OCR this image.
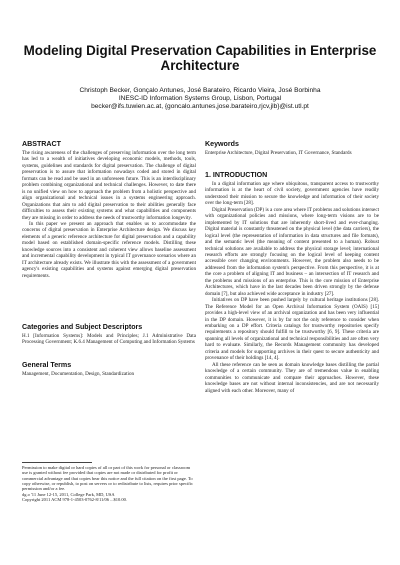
Modeling Digital Preservation Capabilities in Enterprise Architecture
Christoph Becker, Gonçalo Antunes, José Barateiro, Ricardo Vieira, José Borbinha
INESC-ID Information Systems Group, Lisbon, Portugal
becker@ifs.tuwien.ac.at, {goncalo.antunes,jose.barateiro,rjcv,jlb}@ist.utl.pt
ABSTRACT

The rising awareness of the challenges of preserving information over the long term has led to a wealth of initiatives developing economic models, methods, tools, systems, guidelines and standards for digital preservation. The challenge of digital preservation is to assure that information nowadays coded and stored in digital formats can be read and be used in an unforeseen future. This is an interdisciplinary problem combining organizational and technical challenges. However, to date there is no unified view on how to approach the problem from a holistic perspective and align organizational and technical issues in a systems engineering approach. Organizations that aim to add digital preservation to their abilities generally face difficulties to assess their existing systems and what capabilities and components they are missing in order to address the needs of trustworthy information longevity.

In this paper we present an approach that enables us to accommodate the concerns of digital preservation in Enterprise Architecture design. We discuss key elements of a generic reference architecture for digital preservation and a capability model based on established domain-specific reference models. Distilling these knowledge sources into a consistent and coherent view allows baseline assessment and incremental capability development in typical IT governance scenarios where an IT architecture already exists. We illustrate this with the assessment of a government agency's existing capabilities and systems against emerging digital preservation requirements.

Categories and Subject Descriptors

H.1 [Information Systems]: Models and Principles; J.1 Administrative Data Processing Government; K.6.4 Management of Computing and Information Systems

General Terms

Management, Documentation, Design, Standardization

Permission to make digital or hard copies of all or part of this work for personal or classroom use is granted without fee provided that copies are not made or distributed for profit or commercial advantage and that copies bear this notice and the full citation on the first page. To copy otherwise, or republish, to post on servers or to redistribute to lists, requires prior specific permission and/or a fee.

dg.o '11 June 12-15, 2011, College Park, MD, USA

Copyright 2011 ACM 978-1-4503-0762-8/11/06 ...$10.00.

Keywords

Enterprise Architecture, Digital Preservation, IT Governance, Standards

1. INTRODUCTION

In a digital information age where ubiquitous, transparent access to trustworthy information is at the heart of civil society, government agencies have readily understood their mission to secure the knowledge and information of their society over the long-term [28].

Digital Preservation (DP) is a core area where IT problems and solutions intersect with organizational policies and missions, where long-term visions are to be implemented by IT solutions that are inherently short-lived and ever-changing. Digital material is constantly threatened on the physical level (the data carriers), the logical level (the representation of information in data structures and file formats), and the semantic level (the meaning of content presented to a human). Robust technical solutions are available to address the physical storage level; international research efforts are strongly focusing on the logical level of keeping content accessible over changing environments. However, the problem also needs to be addressed from the information system's perspective. From this perspective, it is at the core a problem of aligning IT and business – an intersection of IT research and the problems and missions of an enterprise. This is the core mission of Enterprise Architectures, which have in the last decades been driven strongly by the defense domain [7], but also achieved wide acceptance in industry [27].

Initiatives on DP have been pushed largely by cultural heritage institutions [28]. The Reference Model for an Open Archival Information System (OAIS) [15] provides a high-level view of an archival organization and has been very influential in the DP domain. However, it is by far not the only reference to consider when embarking on a DP effort. Criteria catalogs for trustworthy repositories specify requirements a repository should fulfill to be trustworthy [6, 9]. These criteria are spanning all levels of organizational and technical responsibilities and are often very hard to evaluate. Similarly, the Records Management community has developed criteria and models for supporting archives in their quest to secure authenticity and provenance of their holdings [14, 4].

All these reference can be seen as domain knowledge bases distilling the partial knowledge of a certain community. They are of tremendous value in enabling communities to communicate and compare their approaches. However, these knowledge bases are not without internal inconsistencies, and are not necessarily aligned with each other. Moreover, many of
